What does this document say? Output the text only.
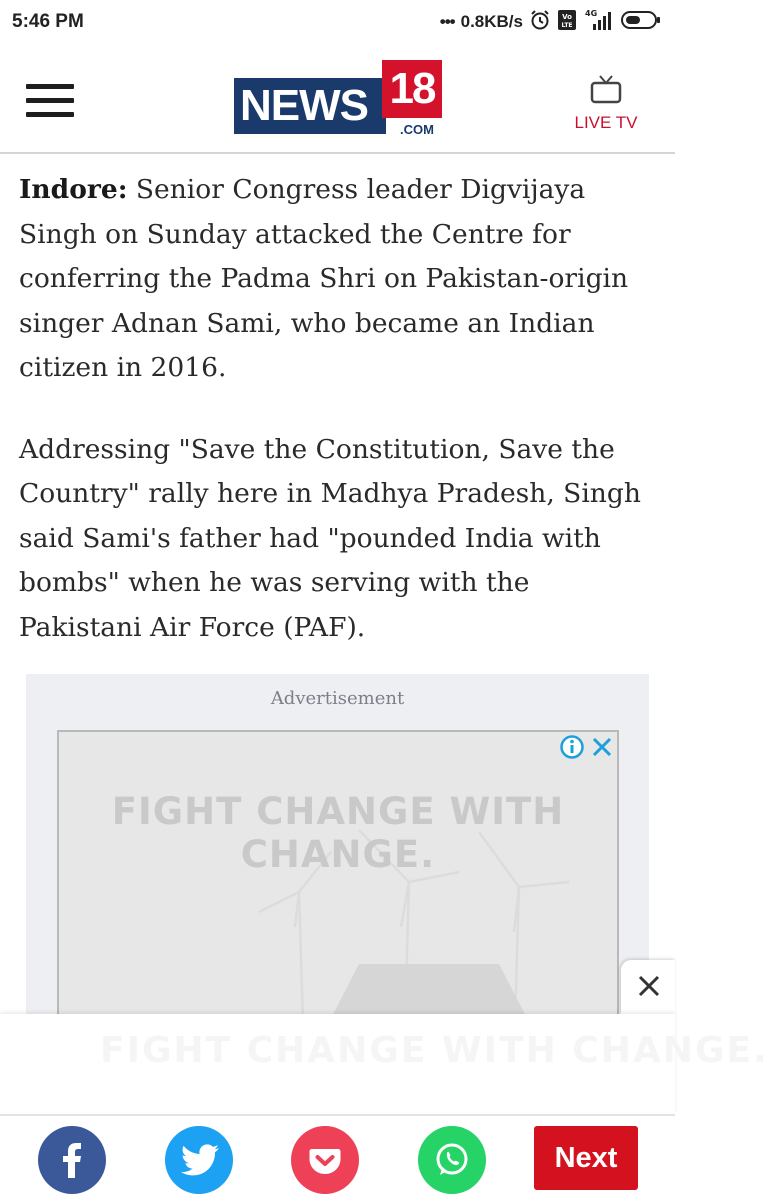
5:46 PM	••• 0.8KB/s	Vo
LTE
4G
NEWS 18
.COM	LIVE TV

Indore: Senior Congress leader Digvijaya Singh on Sunday attacked the Centre for conferring the Padma Shri on Pakistan-origin singer Adnan Sami, who became an Indian citizen in 2016.

Addressing "Save the Constitution, Save the Country" rally here in Madhya Pradesh, Singh said Sami's father had "pounded India with bombs" when he was serving with the Pakistani Air Force (PAF).

Advertisement
FIGHT CHANGE WITH CHANGE.
FIGHT CHANGE WITH CHANGE.
Next
